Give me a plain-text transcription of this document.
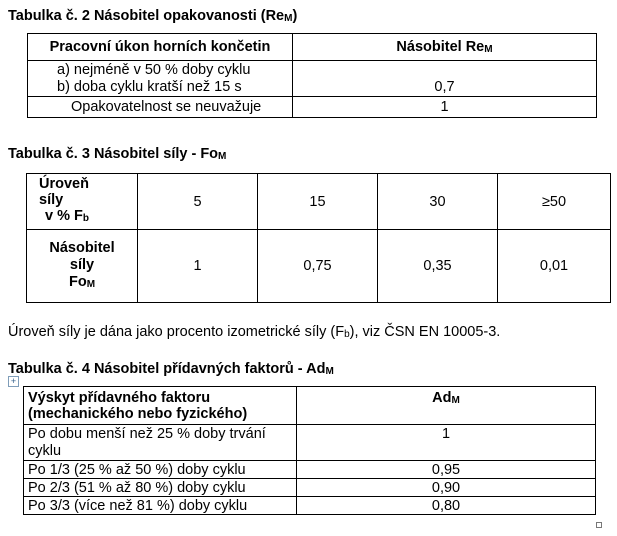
Tabulka č. 2 Násobitel opakovanosti $(Re_M)$
Pracovní úkon horních končetin	Násobitel $Re_M$

a) nejméně v 50 % doby cyklu
b) doba cyklu kratší než 15 s	0,7
Opakovatelnost se neuvažuje	1
Tabulka č. 3 Násobitel síly - $Fo_M$
Úroveň
síly
v % $F_b$	5	15	30	≥50

Násobitel
síly
$Fo_M$	1	0,75	0,35	0,01
Úroveň síly je dána jako procento izometrické síly $(F_b)$, viz ČSN EN 10005-3.
Tabulka č. 4 Násobitel přídavných faktorů - $Ad_M$
+
Výskyt přídavného faktoru
(mechanického nebo fyzického)	$Ad_M$

Po dobu menší než 25 % doby trvání
cyklu	1
Po 1/3 (25 % až 50 %) doby cyklu	0,95
Po 2/3 (51 % až 80 %) doby cyklu	0,90
Po 3/3 (více než 81 %) doby cyklu	0,80
